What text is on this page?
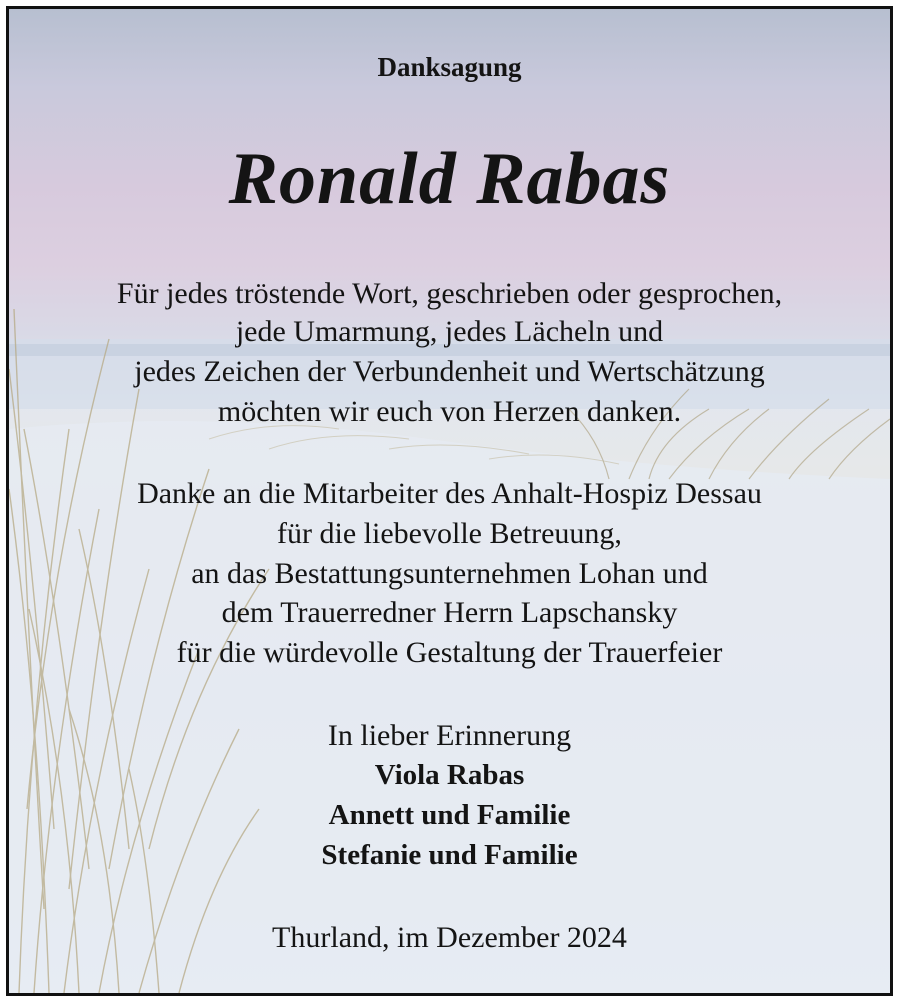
Danksagung
Ronald Rabas
Für jedes tröstende Wort, geschrieben oder gesprochen,
jede Umarmung, jedes Lächeln und
jedes Zeichen der Verbundenheit und Wertschätzung
möchten wir euch von Herzen danken.
Danke an die Mitarbeiter des Anhalt-Hospiz Dessau
für die liebevolle Betreuung,
an das Bestattungsunternehmen Lohan und
dem Trauerredner Herrn Lapschansky
für die würdevolle Gestaltung der Trauerfeier
In lieber Erinnerung
Viola Rabas
Annett und Familie
Stefanie und Familie
Thurland, im Dezember 2024
